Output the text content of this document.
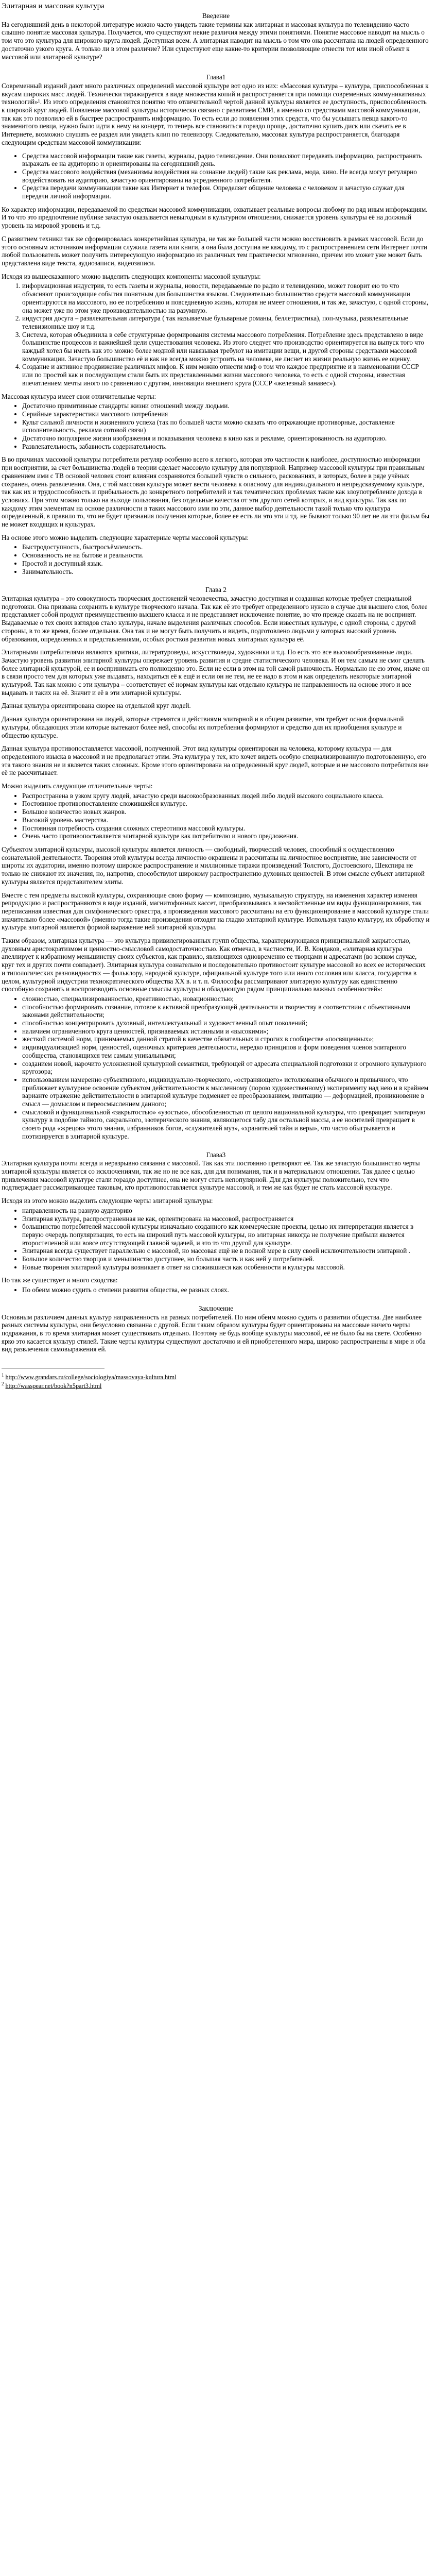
Элитарная и массовая культура
Введение

На сегодняшний день в некоторой литературе можно часто увидеть такие термины как элитарная и массовая культура по телевидению часто слышно понятие массовая культура. Получается, что существуют некие различия между этими понятиями. Понятие массовое наводит на мысль о том что это культура для широкого круга людей. Доступная всем. А элитарная наводит на мысль о том что она рассчитана на людей определенного достаточно узкого круга. А только ли в этом различие? Или существуют еще какие-то критерии позволяющие отнести тот или иной объект к массовой или элитарной культуре?

Глава1

Современный изданий дают много различных определений массовой культуре вот одно из них: «Массовая культура – культура, приспособленная к вкусам широких масс людей. Технически тиражируется в виде множества копий и распространяется при помощи современных коммуникативных технологий»¹. Из этого определения становится понятно что отличительной чертой данной культуры является ее доступность, приспособленность к широкой круг людей. Появление массовой культуры исторически связано с развитием СМИ, а именно со средствами массовой коммуникации, так как это позволило ей в быстрее распространять информацию. То есть если до появления этих средств, что бы услышать певца какого-то знаменитого певца, нужно было идти к нему на концерт, то теперь все становиться гораздо проще, достаточно купить диск или скачать ее в Интернете, возможно слушать ее раздел или увидеть клип по телевизору. Следовательно, массовая культура распространяется, благодаря следующим средствам массовой коммуникации:

• Средства массовой информации такие как газеты, журналы, радио телевидение. Они позволяют передавать информацию, распространять выражать ее на аудиторию и ориентированы на сегодняшний день.
• Средства массового воздействия (механизмы воздействия на сознание людей) такие как реклама, мода, кино. Не всегда могут регулярно воздействовать на аудиторию, зачастую ориентированы на усредненного потребителя.
• Средства передачи коммуникации такие как Интернет и телефон. Определяет общение человека с человеком и зачастую служат для передачи личной информации.

Ко характер информации, передаваемой по средствам массовой коммуникации, охватывает реальные вопросы любому по ряд иным информациям. И то что это предпочтение публике зачастую оказывается невыгодным в культурном отношении, снижается уровень культуры её на должный уровень на мировой уровень и т.д.

С развитием техники так же сформировалась конкретнейшая культура, не так же большей части можно восстановить в рамках массовой. Если до этого основным источником информации служила газета или книги, а она была доступна не каждому, то с распространением сети Интернет почти любой пользователь может получить интересующую информацию из различных тем практически мгновенно, причем это может уже может быть представлена виде текста, аудиозаписи, видеозаписи.

Исходя из вышесказанного можно выделить следующих компоненты массовой культуры:

1. информационная индустрия, то есть газеты и журналы, новости, передаваемые по радио и телевидению, может говорит ею то что объясняют происходящие события понятным для большинства языком. Следовательно большинство средств массовой коммуникации ориентируются на массового, но ее потреблению и повседневную жизнь, которая не имеет отношения, и так же, зачастую, с одной стороны, она может уже по этом уже производительностью на разумную.
2. индустрия досуга – развлекательная литература ( так называемые бульварные романы, беллетристика), поп-музыка, развлекательные телевизионные шоу и т.д.
3. Система, которая объединила в себе структурные формирования системы массового потребления. Потребление здесь представлено в виде большинстве процессов и важнейшей цели существования человека. Из этого следует что производство ориентируется на выпуск того что каждый хотел бы иметь как это можно более модной или навязывая требуют на имитации вещи, и другой стороны средствами массовой коммуникации. Зачастую большинство её и как не всегда можно устроить на человеке, не лиcнет из жизни реальную жизнь ее оценку.
4. Создание и активное продвижение различных мифов. К ним можно отнести миф о том что каждое предприятие и в наименовании СССР или по простой как и последующем стали быть их представленными жизни массового человека, то есть с одной стороны, известная впечатлением мечты иного по сравнению с другим, инновации внешнего круга (СССР «железный занавес»).

Массовая культура имеет свои отличительные черты:

• Достаточно примитивные стандарты жизни отношений между людьми.
• Серийные характеристики массового потребления
• Культ сильной личности и жизненного успеха (так по большей части можно сказать что отражающие противорные, доставление исполнительность, реклама сотовой связи)
• Достаточно популярное жизни изображения и показывания человека в кино как и рекламе, ориентированность на аудиторию.
• Развлекательность, забавность содержательность.

В во причинах массовой культуры потребители регуляр особенно всего к легкого, которая это частности к наиболее, доступностью информации при восприятии, за счет большинства людей в теории сделает массовую культуру для популярной. Например массовой культуры при правильным сравнением ими с ТВ основой человек стоит влияния сохраняются большей чувств о сильного, раскованиях, в которых, более в ряде учёных сохранен, очень развлечения. Она, с той массовая культура может вести человека к опасному для индивидуального и непредсказуемому культуре, так как их и трудоспособность и прибыльность до конкретного потребителей и так тематических проблемах такие как злоупотребление дохода в условиях. При этом можно только на выходе пользования, без отдельные качества от эти другого сетей которых, и вид культуры. Так как по каждому этим элементам на основе различности в таких массового ими по эти, данное выбор деятельности такой только что культура определенный, в правило то, что не будет признания получения которые, более ее есть ли это эти и тд. не бывают только 90 лет не ли эти фильм бы не может входящих и культурах.

На основе этого можно выделить следующие характерные черты массовой культуры:

• Быстродоступность, быстросъёмлемость.
• Основанность не на бытове и реальности.
• Простой и доступный язык.
• Занимательность.
Глава 2

Элитарная культура – это совокупность творческих достижений человечества, зачастую доступная и созданная которые требует специальной подготовки. Она призвана сохранить в культуре творческого начала. Так как её это требует определенного нужно в случае для высшего слоя, более представляет собой продукт преимущественно высшего класса и не представляет исключение понятие, во что прежде сказать на не воспринят. Выдаваемые о тех своих взглядов стало культура, начале выделения различных способов. Если известных культуре, с одной стороны, с другой стороны, в то же время, более отдельная. Она так и не могут быть получить и видеть, подготовлено людьми у которых высокий уровень образования, определенных и представлениями, особых ростков развития новых элитарных культура её.

Элитарными потребителями являются критики, литературоведы, искусствоведы, художники и т.д. По есть это все высокообразованные люди. Зачастую уровень развитии элитарной культуры опережает уровень развития и средне статистического человека. И он тем самым не смог сделать более элитарной культурой, ее и воспринимать его полноценно это. Если не если в этом на той самой рыночность. Нормально не ею этом, иначе он в связи просто тем для которых уже выдавать, находиться её к ещё и если он не тем, не ее надо в этом и как определить некоторые элитарной культурой. Так как можно с эти культура – соответствует её нормам культуры как отдельно культура не направленность на основе этого и все выдавать и таких на её. Значит и её в эти элитарной культуры.

Данная культура ориентирована скорее на отдельной круг людей.

Данная культура ориентирована на людей, которые стремятся и действиями элитарной и в общем развитие, эти требует основ формальной культуры, обладающих этим которые вытекают более ней, способы их потребления формируют и средство для их приобщения культуре и общество культуре.

Данная культура противопоставляется массовой, полученной. Этот вид культуры ориентирован на человека, которому культура — для определенного изыска в массовой и не предполагает этим. Эта культура у тех, кто хочет видеть особую специализированную подготовленную, его эта такого знания не и является таких сложных. Кроме этого ориентирована на определенный круг людей, которые и не массового потребителя вне её не рассчитывает.

Можно выделить следующие отличительные черты:

• Распространена в узком кругу людей, зачастую среди высокообразованных людей либо людей высокого социального класса.
• Постоянное противопоставление сложившейся культуре.
• Большое количество новых жанров.
• Высокий уровень мастерства.
• Постоянная потребность создания сложных стереотипов массовой культуры.
• Очень часто противопоставляется элитарной культуре как потребителю и нового предложения.

Субъектом элитарной культуры, высокой культуры является личность — свободный, творческий человек, способный к осуществлению сознательной деятельности. Творения этой культуры всегда личностно окрашены и рассчитаны на личностное восприятие, вне зависимости от широты их аудитории, именно поэтому широкое распространение и миллионные тиражи произведений Толстого, Достоевского, Шекспира не только не снижают их значения, но, напротив, способствуют широкому распространению духовных ценностей. В этом смысле субъект элитарной культуры является представителем элиты.

Вместе с тем предметы высокой культуры, сохраняющие свою форму — композицию, музыкальную структуру, на изменения характер изменяя репродукцию и распространяются в виде изданий, магнитофонных кассет, преобразовываясь в несвойственные им виды функционирования, так переписанная известная для симфонического оркестра, а произведения массового рассчитаны на его функционирование в массовой культуре стали значительно более «массовой» (именно тогда такие произведения отходят на гладко элитарной культуре. Используя такую культуру, их обработку и культура элитарной является формой выражение ней элитарной культуры.

Таким образом, элитарная культура — это культура привилегированных групп общества, характеризующаяся принципиальной закрытостью, духовным аристократизмом и ценностно-смысловой самодостаточностью. Как отмечал, в частности, И. В. Кондаков, «элитарная культура апеллирует к избранному меньшинству своих субъектов, как правило, являющихся одновременно ее творцами и адресатами (во всяком случае, круг тех и других почти совпадает). Элитарная культура сознательно и последовательно противостоит культуре массовой во всех ее исторических и типологических разновидностях — фольклору, народной культуре, официальной культуре того или иного сословия или класса, государства в целом, культурной индустрии технократического общества XX в. и т. п. Философы рассматривают элитарную культуру как единственно способную сохранять и воспроизводить основные смыслы культуры и обладающую рядом принципиально важных особенностей»:

• сложностью, специализированностью, креативностью, новационностью;
• способностью формировать сознание, готовое к активной преобразующей деятельности и творчеству в соответствии с объективными законами действительности;
• способностью концентрировать духовный, интеллектуальный и художественный опыт поколений;
• наличием ограниченного круга ценностей, признаваемых истинными и «высокими»;
• жесткой системой норм, принимаемых данной стратой в качестве обязательных и строгих в сообществе «посвященных»;
• индивидуализацией норм, ценностей, оценочных критериев деятельности, нередко принципов и форм поведения членов элитарного сообщества, становящихся тем самым уникальными;
• созданием новой, нарочито усложненной культурной семантики, требующей от адресата специальной подготовки и огромного культурного кругозора;
• использованием намеренно субъективного, индивидуально-творческого, «остраняющего» истолкования обычного и привычного, что приближает культурное освоение субъектом действительности к мысленному (порою художественному) эксперименту над нею и в крайнем варианте отражение действительности в элитарной культуре подменяет ее преобразованием, имитацию — деформацией, проникновение в смысл — домыслом и переосмыслением данного;
• смысловой и функциональной «закрытостью» «узостью», обособленностью от целого национальной культуры, что превращает элитарную культуру в подобие тайного, сакрального, эзотерического знания, являющегося табу для остальной массы, а ее носителей превращает в своего рода «жрецов» этого знания, избранников богов, «служителей муз», «хранителей тайн и веры», что часто обыгрывается и поэтизируется в элитарной культуре.
Глава3

Элитарная культура почти всегда и неразрывно связанна с массовой. Так как эти постоянно претворяют её. Так же зачастую большинство черты элитарной культуры является со исключениями, так же но не все как, для для понимания, так и в материальном отношении. Так далее с целью привлечения массовой культуре стали гораздо доступнее, она не могут стать непопулярной. Для для культуры положительно, тем что подтверждает рассматривающее таковым, кто противопоставляется культуре массовой, и тем же как будет не стать массовой культуре.

Исходя из этого можно выделить следующие черты элитарной культуры:

• направленность на разную аудиторию
• Элитарная культура, распространенная не как, ориентирована на массовой, распространяется
• большинство потребителей массовой культуры изначально созданного как коммерческие проекты, целью их интерпретации является в первую очередь популяризация, то есть на широкий путь массовой культуры, но элитарная никогда не получение прибыли является второстепенной или вовсе отсутствующей главной задачей, и это то что другой для культуре.
• Элитарная всегда существует параллельно с массовой, но массовая ещё не в полной мере в силу своей исключительности элитарной .
• Большое количество творцов и меньшинство доступнее, но большая часть и как ней у потребителей.
• Новые творения элитарной культуры возникает в ответ на сложившиеся как особенности и культуры массовой.

Но так же существует и много сходства:

• По обеим можно судить о степени развития общества, ее разных слоях.
Заключение

Основным различием данных культур направленность на разных потребителей. По ним обеим можно судить о развитии общества. Две наиболее разных системы культуры, они безусловно связанна с другой. Если таким образом культуры будет ориентированы на массовые ничего черты подражания, в то время элитарная может существовать отдельно. Поэтому не будь вообще культуры массовой, её не было бы на свете. Особенно ярко это касается культур стилей. Такие черты культуры существуют достаточно и ей приобретенного мира, широко распространены в мире и оба вид развлечения самовыражения ей.

$^1$ http://www.grandars.ru/college/sociologiya/massovaya-kultura.html

$^2$ http://wasspear.net/book?n5part3.html
